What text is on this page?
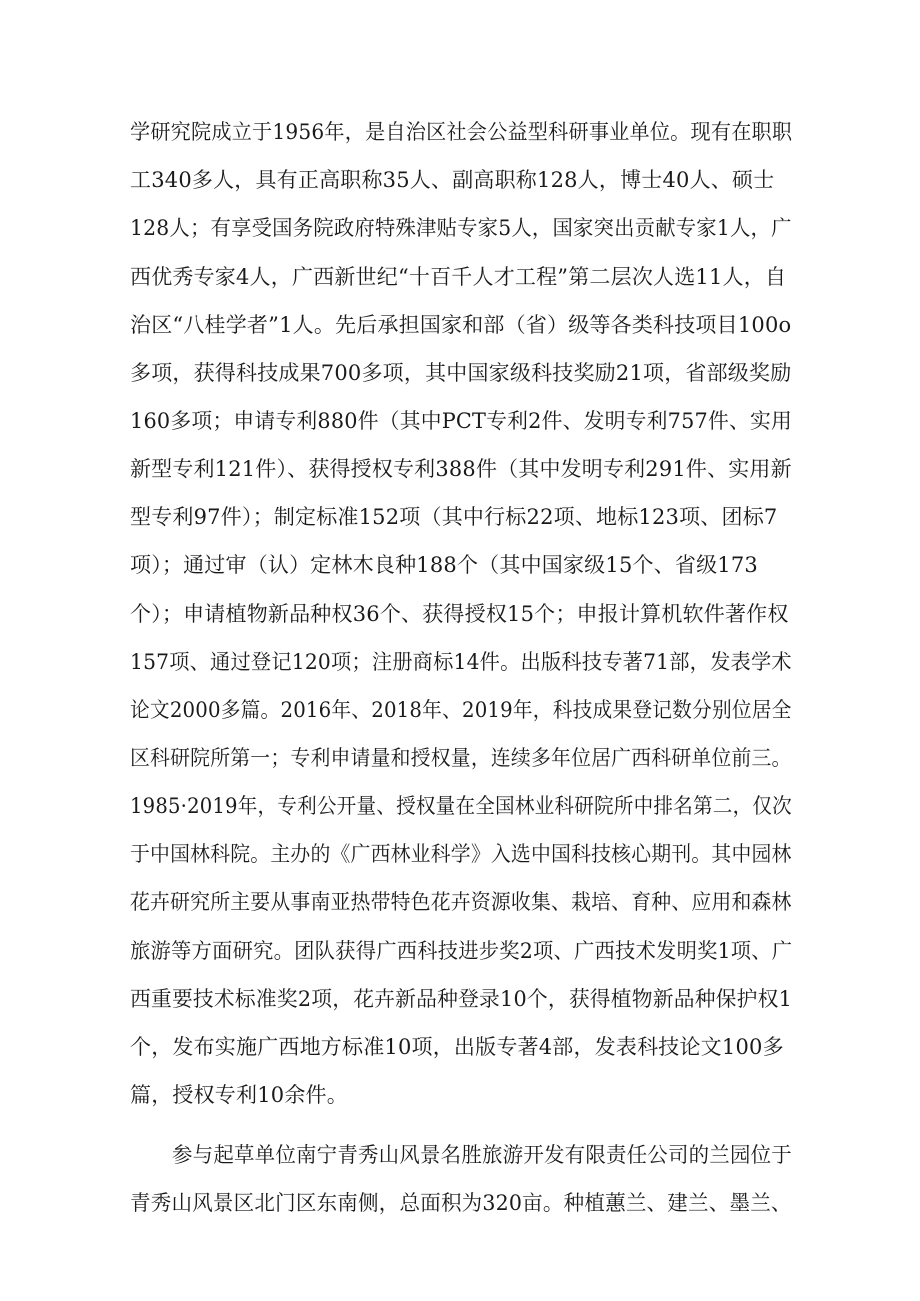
学研究院成立于1956年，是自治区社会公益型科研事业单位。现有在职职
工340多人，具有正高职称35人、副高职称128人，博士40人、硕士
128人；有享受国务院政府特殊津贴专家5人，国家突出贡献专家1人，广
西优秀专家4人，广西新世纪“十百千人才工程”第二层次人选11人，自
治区“八桂学者”1人。先后承担国家和部（省）级等各类科技项目100o
多项，获得科技成果700多项，其中国家级科技奖励21项，省部级奖励
160多项；申请专利880件（其中PCT专利2件、发明专利757件、实用
新型专利121件）、获得授权专利388件（其中发明专利291件、实用新
型专利97件）；制定标准152项（其中行标22项、地标123项、团标7
项）；通过审（认）定林木良种188个（其中国家级15个、省级173
个）；申请植物新品种权36个、获得授权15个；申报计算机软件著作权
157项、通过登记120项；注册商标14件。出版科技专著71部，发表学术
论文2000多篇。2016年、2018年、2019年，科技成果登记数分别位居全
区科研院所第一；专利申请量和授权量，连续多年位居广西科研单位前三。
1985·2019年，专利公开量、授权量在全国林业科研院所中排名第二，仅次
于中国林科院。主办的《广西林业科学》入选中国科技核心期刊。其中园林
花卉研究所主要从事南亚热带特色花卉资源收集、栽培、育种、应用和森林
旅游等方面研究。团队获得广西科技进步奖2项、广西技术发明奖1项、广
西重要技术标准奖2项，花卉新品种登录10个，获得植物新品种保护权1
个，发布实施广西地方标准10项，出版专著4部，发表科技论文100多
篇，授权专利10余件。
参与起草单位南宁青秀山风景名胜旅游开发有限责任公司的兰园位于
青秀山风景区北门区东南侧，总面积为320亩。种植蕙兰、建兰、墨兰、
